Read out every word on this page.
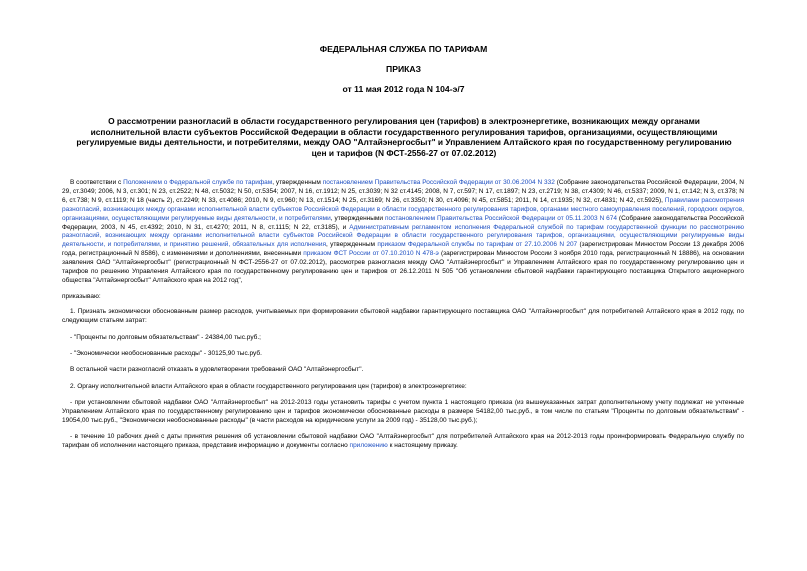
ФЕДЕРАЛЬНАЯ СЛУЖБА ПО ТАРИФАМ
ПРИКАЗ
от 11 мая 2012 года N 104-э/7
О рассмотрении разногласий в области государственного регулирования цен (тарифов) в электроэнергетике, возникающих между органами исполнительной власти субъектов Российской Федерации в области государственного регулирования тарифов, организациями, осуществляющими регулируемые виды деятельности, и потребителями, между ОАО "Алтайэнергосбыт" и Управлением Алтайского края по государственному регулированию цен и тарифов (N ФСТ-2556-27 от 07.02.2012)

В соответствии с Положением о Федеральной службе по тарифам, утвержденным постановлением Правительства Российской Федерации от 30.06.2004 N 332 (Собрание законодательства Российской Федерации, 2004, N 29, ст.3049; 2006, N 3, ст.301; N 23, ст.2522; N 48, ст.5032; N 50, ст.5354; 2007, N 16, ст.1912; N 25, ст.3039; N 32 ст.4145; 2008, N 7, ст.597; N 17, ст.1897; N 23, ст.2719; N 38, ст.4309; N 46, ст.5337; 2009, N 1, ст.142; N 3, ст.378; N 6, ст.738; N 9, ст.1119; N 18 (часть 2), ст.2249; N 33, ст.4086; 2010, N 9, ст.960; N 13, ст.1514; N 25, ст.3169; N 26, ст.3350; N 30, ст.4096; N 45, ст.5851; 2011, N 14, ст.1935; N 32, ст.4831; N 42, ст.5925), Правилами рассмотрения разногласий, возникающих между органами исполнительной власти субъектов Российской Федерации в области государственного регулирования тарифов, органами местного самоуправления поселений, городских округов, организациями, осуществляющими регулируемые виды деятельности, и потребителями, утвержденными постановлением Правительства Российской Федерации от 05.11.2003 N 674 (Собрание законодательства Российской Федерации, 2003, N 45, ст.4392; 2010, N 31, ст.4270; 2011, N 8, ст.1115; N 22, ст.3185), и Административным регламентом исполнения Федеральной службой по тарифам государственной функции по рассмотрению разногласий, возникающих между органами исполнительной власти субъектов Российской Федерации в области государственного регулирования тарифов, организациями, осуществляющими регулируемые виды деятельности, и потребителями, и принятию решений, обязательных для исполнения, утвержденным приказом Федеральной службы по тарифам от 27.10.2006 N 207 (зарегистрирован Минюстом России 13 декабря 2006 года, регистрационный N 8586), с изменениями и дополнениями, внесенными приказом ФСТ России от 07.10.2010 N 478-э (зарегистрирован Минюстом России 3 ноября 2010 года, регистрационный N 18886), на основании заявления ОАО "Алтайэнергосбыт" (регистрационный N ФСТ-2556-27 от 07.02.2012), рассмотрев разногласия между ОАО "Алтайэнергосбыт" и Управлением Алтайского края по государственному регулированию цен и тарифов по решению Управления Алтайского края по государственному регулированию цен и тарифов от 26.12.2011 N 505 "Об установлении сбытовой надбавки гарантирующего поставщика Открытого акционерного общества "Алтайэнергосбыт" Алтайского края на 2012 год",

приказываю:

1. Признать экономически обоснованным размер расходов, учитываемых при формировании сбытовой надбавки гарантирующего поставщика ОАО "Алтайэнергосбыт" для потребителей Алтайского края в 2012 году, по следующим статьям затрат:

- "Проценты по долговым обязательствам" - 24384,00 тыс.руб.;

- "Экономически необоснованные расходы" - 30125,90 тыс.руб.

В остальной части разногласий отказать в удовлетворении требований ОАО "Алтайэнергосбыт".

2. Органу исполнительной власти Алтайского края в области государственного регулирования цен (тарифов) в электроэнергетике:

- при установлении сбытовой надбавки ОАО "Алтайэнергосбыт" на 2012-2013 годы установить тарифы с учетом пункта 1 настоящего приказа (из вышеуказанных затрат дополнительному учету подлежат не учтенные Управлением Алтайского края по государственному регулированию цен и тарифов экономически обоснованные расходы в размере 54182,00 тыс.руб., в том числе по статьям "Проценты по долговым обязательствам" - 19054,00 тыс.руб., "Экономически необоснованные расходы" (в части расходов на юридические услуги за 2009 год) - 35128,00 тыс.руб.);

- в течение 10 рабочих дней с даты принятия решения об установлении сбытовой надбавки ОАО "Алтайэнергосбыт" для потребителей Алтайского края на 2012-2013 годы проинформировать Федеральную службу по тарифам об исполнении настоящего приказа, представив информацию и документы согласно приложению к настоящему приказу.
